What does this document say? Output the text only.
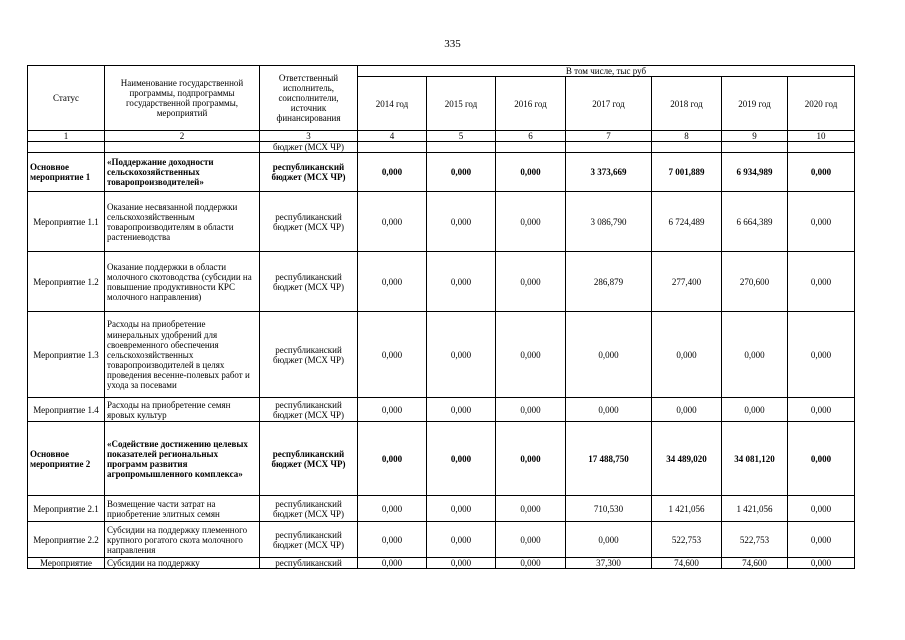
335
Статус	Наименование государственной программы, подпрограммы государственной программы, мероприятий	Ответственный исполнитель, соисполнители, источник финансирования	В том числе, тыс руб						
			2014 год	2015 год	2016 год	2017 год	2018 год	2019 год	2020 год
1	2	3	4	5	6	7	8	9	10
		бюджет (МСХ ЧР)							
Основное мероприятие 1	«Поддержание доходности сельскохозяйственных товаропроизводителей»	республиканский бюджет (МСХ ЧР)	0,000	0,000	0,000	3 373,669	7 001,889	6 934,989	0,000
Мероприятие 1.1	Оказание несвязанной поддержки сельскохозяйственным товаропроизводителям в области растениеводства	республиканский бюджет (МСХ ЧР)	0,000	0,000	0,000	3 086,790	6 724,489	6 664,389	0,000
Мероприятие 1.2	Оказание поддержки в области молочного скотоводства (субсидии на повышение продуктивности КРС молочного направления)	республиканский бюджет (МСХ ЧР)	0,000	0,000	0,000	286,879	277,400	270,600	0,000
Мероприятие 1.3	Расходы на приобретение минеральных удобрений для своевременного обеспечения сельскохозяйственных товаропроизводителей в целях проведения весенне-полевых работ и ухода за посевами	республиканский бюджет (МСХ ЧР)	0,000	0,000	0,000	0,000	0,000	0,000	0,000
Мероприятие 1.4	Расходы на приобретение семян яровых культур	республиканский бюджет (МСХ ЧР)	0,000	0,000	0,000	0,000	0,000	0,000	0,000
Основное мероприятие 2	«Содействие достижению целевых показателей региональных программ развития агропромышленного комплекса»	республиканский бюджет (МСХ ЧР)	0,000	0,000	0,000	17 488,750	34 489,020	34 081,120	0,000
Мероприятие 2.1	Возмещение части затрат на приобретение элитных семян	республиканский бюджет (МСХ ЧР)	0,000	0,000	0,000	710,530	1 421,056	1 421,056	0,000
Мероприятие 2.2	Субсидии на поддержку племенного крупного рогатого скота молочного направления	республиканский бюджет (МСХ ЧР)	0,000	0,000	0,000	0,000	522,753	522,753	0,000
Мероприятие	Субсидии на поддержку	республиканский	0,000	0,000	0,000	37,300	74,600	74,600	0,000
